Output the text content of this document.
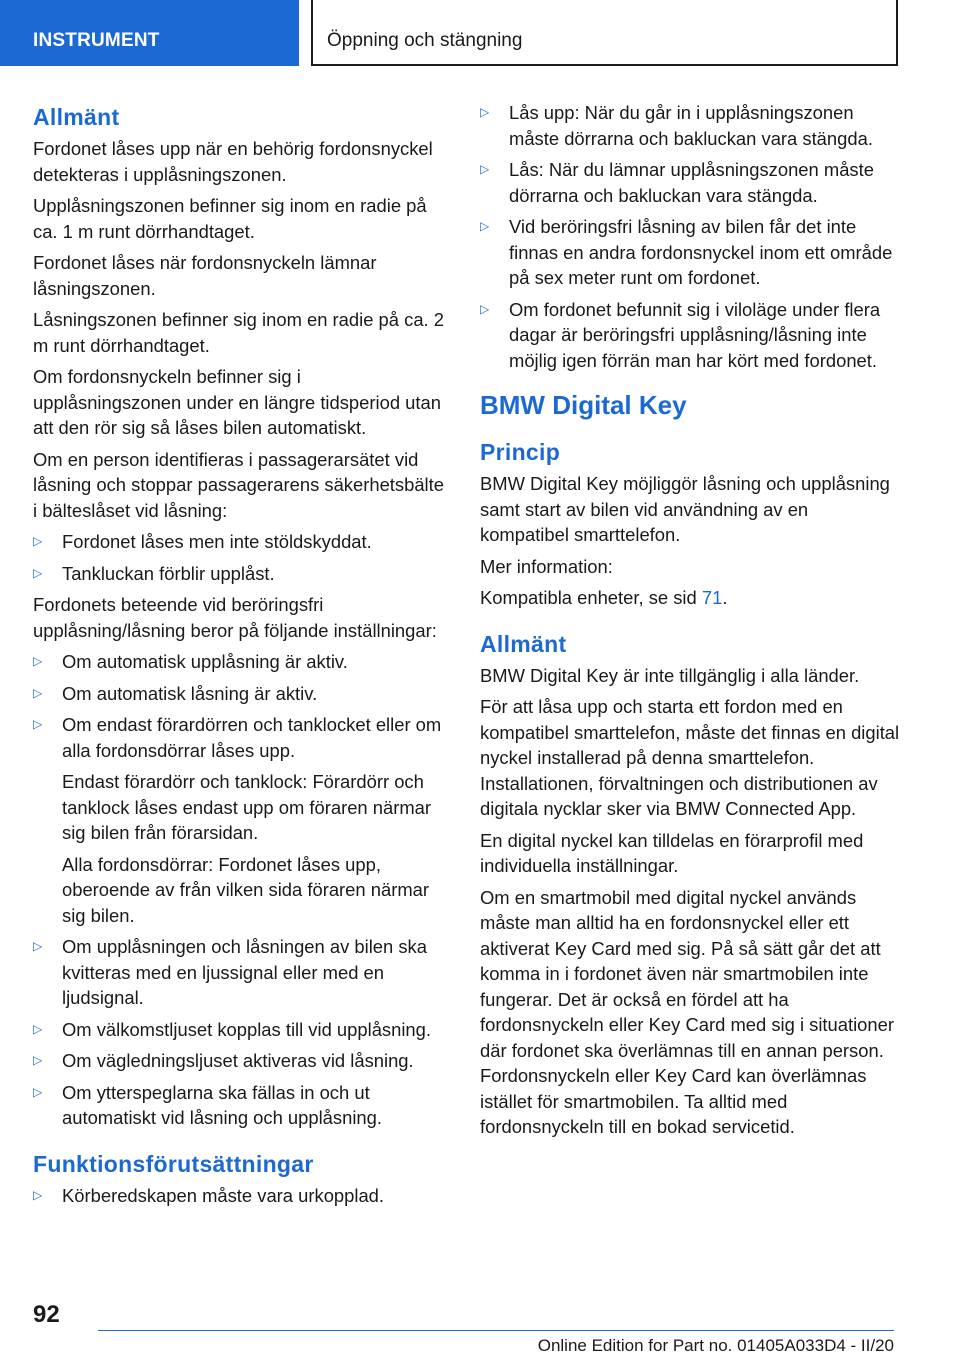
INSTRUMENT	Öppning och stängning
Allmänt

Fordonet låses upp när en behörig fordonsnyckel detekteras i upplåsningszonen.

Upplåsningszonen befinner sig inom en radie på ca. 1 m runt dörrhandtaget.

Fordonet låses när fordonsnyckeln lämnar låsningszonen.

Låsningszonen befinner sig inom en radie på ca. 2 m runt dörrhandtaget.

Om fordonsnyckeln befinner sig i upplåsningszonen under en längre tidsperiod utan att den rör sig så låses bilen automatiskt.

Om en person identifieras i passagerarsätet vid låsning och stoppar passagerarens säkerhetsbälte i bälteslåset vid låsning:

▷ Fordonet låses men inte stöldskyddat.
▷ Tankluckan förblir upplåst.

Fordonets beteende vid beröringsfri upplåsning/låsning beror på följande inställningar:

▷ Om automatisk upplåsning är aktiv.
▷ Om automatisk låsning är aktiv.
▷ Om endast förardörren och tanklocket eller om alla fordonsdörrar låses upp.

Endast förardörr och tanklock: Förardörr och tanklock låses endast upp om föraren närmar sig bilen från förarsidan.

Alla fordonsdörrar: Fordonet låses upp, oberoende av från vilken sida föraren närmar sig bilen.

▷ Om upplåsningen och låsningen av bilen ska kvitteras med en ljussignal eller med en ljudsignal.
▷ Om välkomstljuset kopplas till vid upplåsning.
▷ Om vägledningsljuset aktiveras vid låsning.
▷ Om ytterspeglarna ska fällas in och ut automatiskt vid låsning och upplåsning.
Funktionsförutsättningar
▷ Körberedskapen måste vara urkopplad.
▷ Lås upp: När du går in i upplåsningszonen måste dörrarna och bakluckan vara stängda.
▷ Lås: När du lämnar upplåsningszonen måste dörrarna och bakluckan vara stängda.
▷ Vid beröringsfri låsning av bilen får det inte finnas en andra fordonsnyckel inom ett område på sex meter runt om fordonet.
▷ Om fordonet befunnit sig i viloläge under flera dagar är beröringsfri upplåsning/låsning inte möjlig igen förrän man har kört med fordonet.
BMW Digital Key
Princip

BMW Digital Key möjliggör låsning och upplåsning samt start av bilen vid användning av en kompatibel smarttelefon.

Mer information:

Kompatibla enheter, se sid 71.

Allmänt

BMW Digital Key är inte tillgänglig i alla länder.

För att låsa upp och starta ett fordon med en kompatibel smarttelefon, måste det finnas en digital nyckel installerad på denna smarttelefon. Installationen, förvaltningen och distributionen av digitala nycklar sker via BMW Connected App.

En digital nyckel kan tilldelas en förarprofil med individuella inställningar.

Om en smartmobil med digital nyckel används måste man alltid ha en fordonsnyckel eller ett aktiverat Key Card med sig. På så sätt går det att komma in i fordonet även när smartmobilen inte fungerar. Det är också en fördel att ha fordonsnyckeln eller Key Card med sig i situationer där fordonet ska överlämnas till en annan person. Fordonsnyckeln eller Key Card kan överlämnas istället för smartmobilen. Ta alltid med fordonsnyckeln till en bokad servicetid.

92
Online Edition for Part no. 01405A033D4 - II/20
